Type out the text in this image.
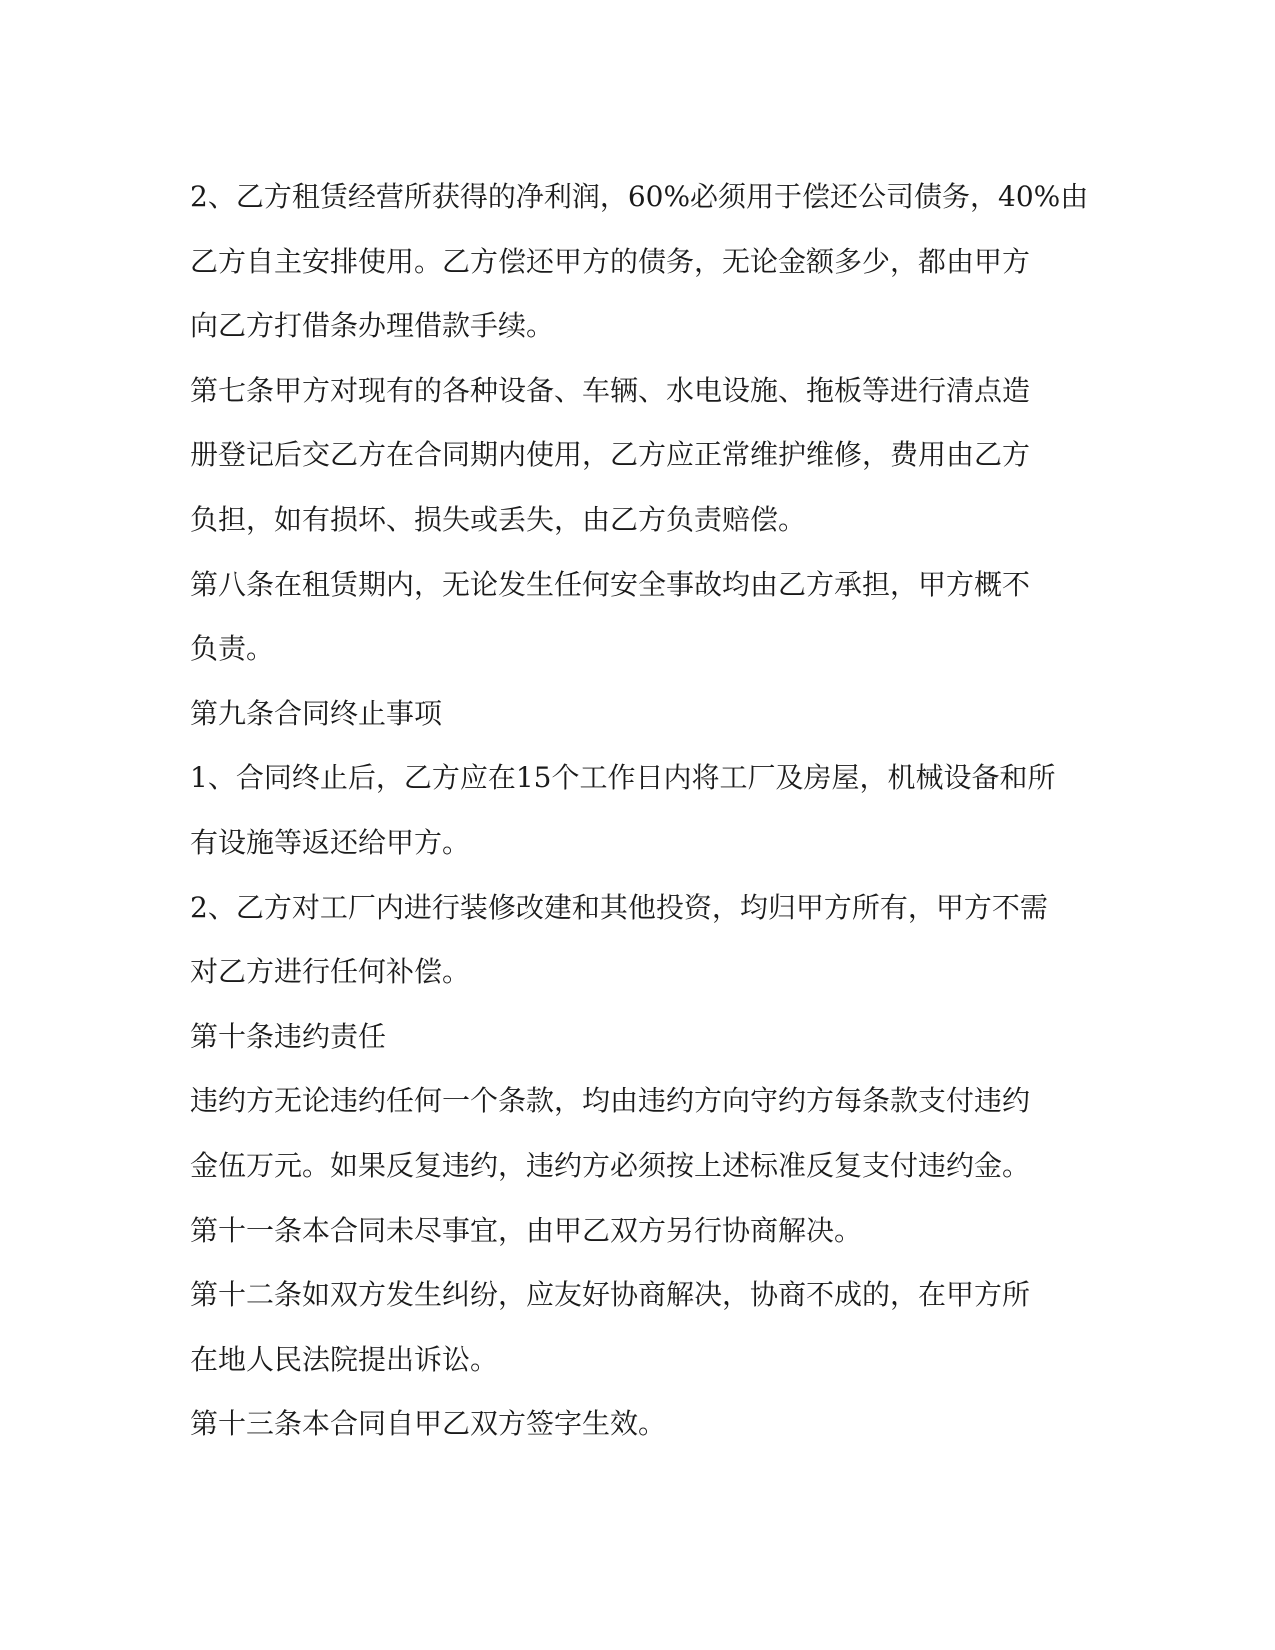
2、乙方租赁经营所获得的净利润，60%必须用于偿还公司债务，40%由
乙方自主安排使用。乙方偿还甲方的债务，无论金额多少，都由甲方
向乙方打借条办理借款手续。
第七条甲方对现有的各种设备、车辆、水电设施、拖板等进行清点造
册登记后交乙方在合同期内使用，乙方应正常维护维修，费用由乙方
负担，如有损坏、损失或丢失，由乙方负责赔偿。
第八条在租赁期内，无论发生任何安全事故均由乙方承担，甲方概不
负责。
第九条合同终止事项
1、合同终止后，乙方应在15个工作日内将工厂及房屋，机械设备和所
有设施等返还给甲方。
2、乙方对工厂内进行装修改建和其他投资，均归甲方所有，甲方不需
对乙方进行任何补偿。
第十条违约责任
违约方无论违约任何一个条款，均由违约方向守约方每条款支付违约
金伍万元。如果反复违约，违约方必须按上述标准反复支付违约金。
第十一条本合同未尽事宜，由甲乙双方另行协商解决。
第十二条如双方发生纠纷，应友好协商解决，协商不成的，在甲方所
在地人民法院提出诉讼。
第十三条本合同自甲乙双方签字生效。
